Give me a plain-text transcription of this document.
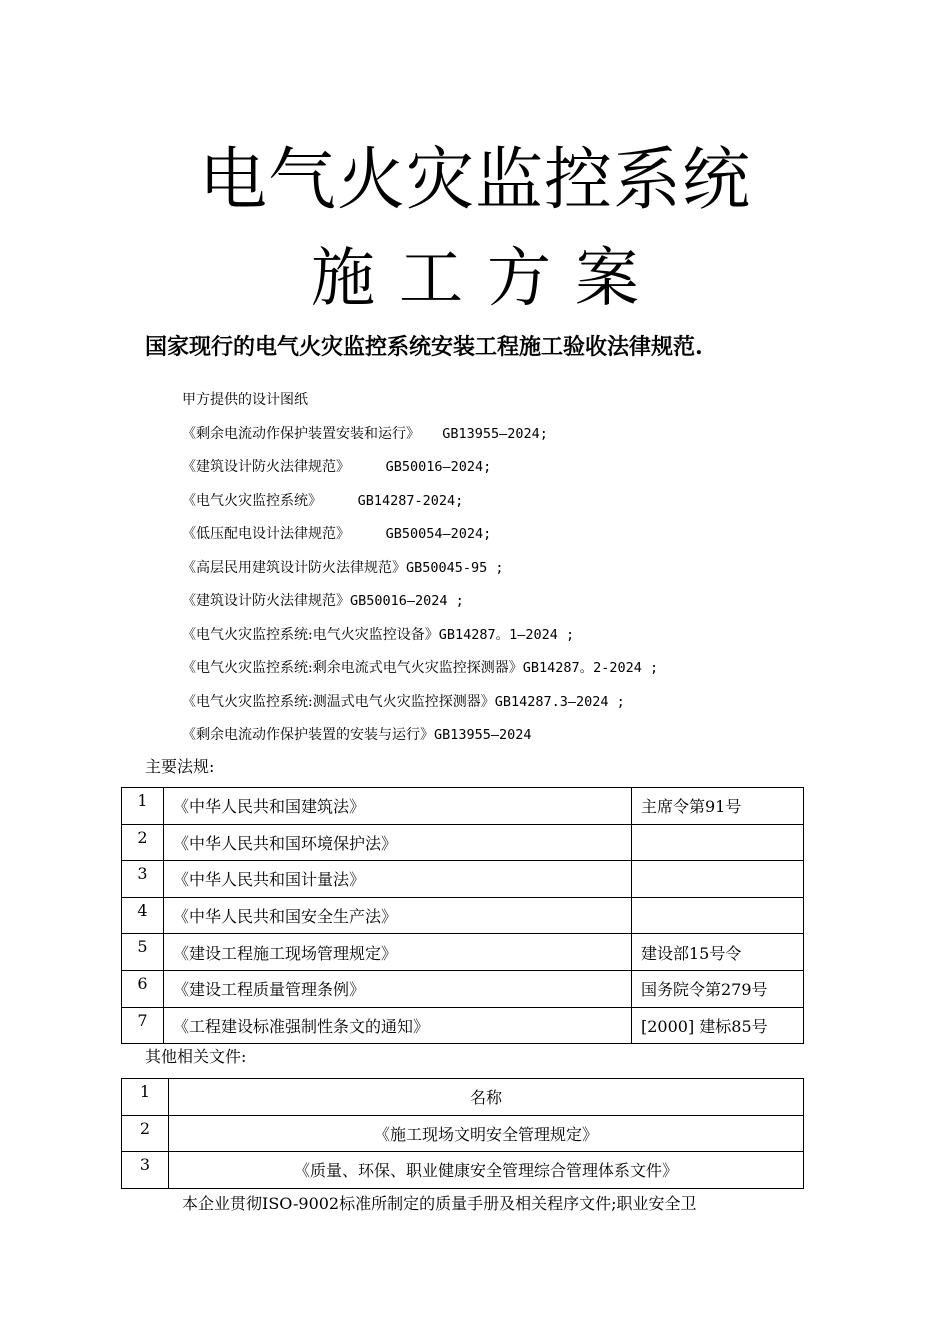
电气火灾监控系统
施 工 方 案
国家现行的电气火灾监控系统安装工程施工验收法律规范.
甲方提供的设计图纸
《剩余电流动作保护装置安装和运行》 GB13955—2024;
《建筑设计防火法律规范》	GB50016—2024;
《电气火灾监控系统》	GB14287-2024;
《低压配电设计法律规范》	GB50054—2024;
《高层民用建筑设计防火法律规范》GB50045-95 ;
《建筑设计防火法律规范》GB50016—2024 ;
《电气火灾监控系统:电气火灾监控设备》GB14287。1—2024 ;
《电气火灾监控系统:剩余电流式电气火灾监控探测器》GB14287。2-2024 ;
《电气火灾监控系统:测温式电气火灾监控探测器》GB14287.3—2024 ;
《剩余电流动作保护装置的安装与运行》GB13955—2024
主要法规:
1	《中华人民共和国建筑法》	主席令第91号
2	《中华人民共和国环境保护法》	
3	《中华人民共和国计量法》	
4	《中华人民共和国安全生产法》	
5	《建设工程施工现场管理规定》	建设部15号令
6	《建设工程质量管理条例》	国务院令第279号
7	《工程建设标准强制性条文的通知》	[2000] 建标85号
其他相关文件:
1	名称
2	《施工现场文明安全管理规定》
3	《质量、环保、职业健康安全管理综合管理体系文件》
本企业贯彻ISO-9002标准所制定的质量手册及相关程序文件;职业安全卫
